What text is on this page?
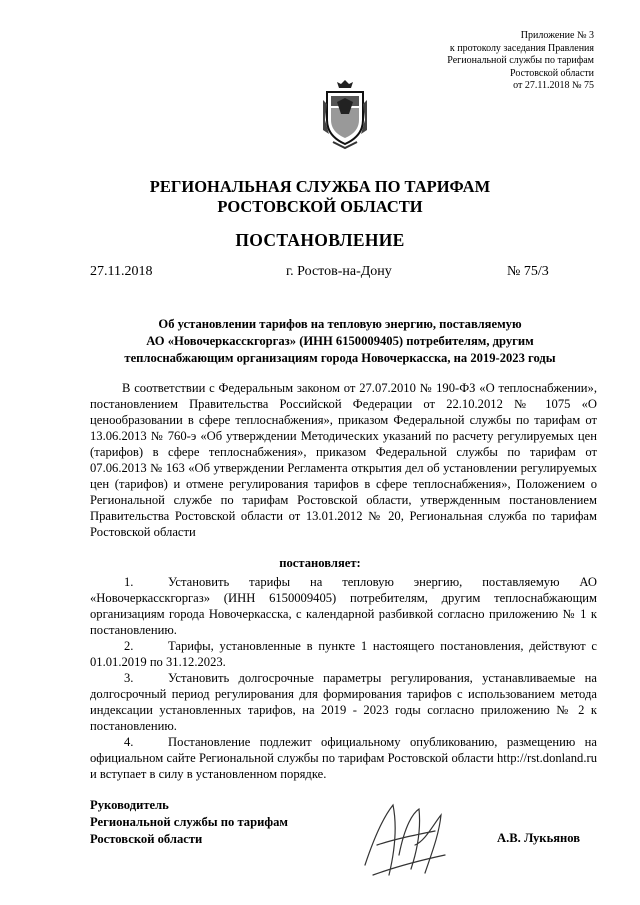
Приложение № 3
к протоколу заседания Правления
Региональной службы по тарифам
Ростовской области
от 27.11.2018 № 75
РЕГИОНАЛЬНАЯ СЛУЖБА ПО ТАРИФАМ
РОСТОВСКОЙ ОБЛАСТИ
ПОСТАНОВЛЕНИЕ
27.11.2018	г. Ростов-на-Дону	№ 75/3
Об установлении тарифов на тепловую энергию, поставляемую
АО «Новочеркасскгоргаз» (ИНН 6150009405) потребителям, другим
теплоснабжающим организациям города Новочеркасска, на 2019-2023 годы

В соответствии с Федеральным законом от 27.07.2010 № 190-ФЗ «О теплоснабжении», постановлением Правительства Российской Федерации от 22.10.2012 № 1075 «О ценообразовании в сфере теплоснабжения», приказом Федеральной службы по тарифам от 13.06.2013 № 760-э «Об утверждении Методических указаний по расчету регулируемых цен (тарифов) в сфере теплоснабжения», приказом Федеральной службы по тарифам от 07.06.2013 № 163 «Об утверждении Регламента открытия дел об установлении регулируемых цен (тарифов) и отмене регулирования тарифов в сфере теплоснабжения», Положением о Региональной службе по тарифам Ростовской области, утвержденным постановлением Правительства Ростовской области от 13.01.2012 № 20, Региональная служба по тарифам Ростовской области

постановляет:

1.	Установить тарифы на тепловую энергию, поставляемую АО «Новочеркасскгоргаз» (ИНН 6150009405) потребителям, другим теплоснабжающим организациям города Новочеркасска, с календарной разбивкой согласно приложению № 1 к постановлению.

2.	Тарифы, установленные в пункте 1 настоящего постановления, действуют с 01.01.2019 по 31.12.2023.

3.	Установить долгосрочные параметры регулирования, устанавливаемые на долгосрочный период регулирования для формирования тарифов с использованием метода индексации установленных тарифов, на 2019 - 2023 годы согласно приложению № 2 к постановлению.

4.	Постановление подлежит официальному опубликованию, размещению на официальном сайте Региональной службы по тарифам Ростовской области http://rst.donland.ru и вступает в силу в установленном порядке.

Руководитель
Региональной службы по тарифам
Ростовской области	А.В. Лукьянов
